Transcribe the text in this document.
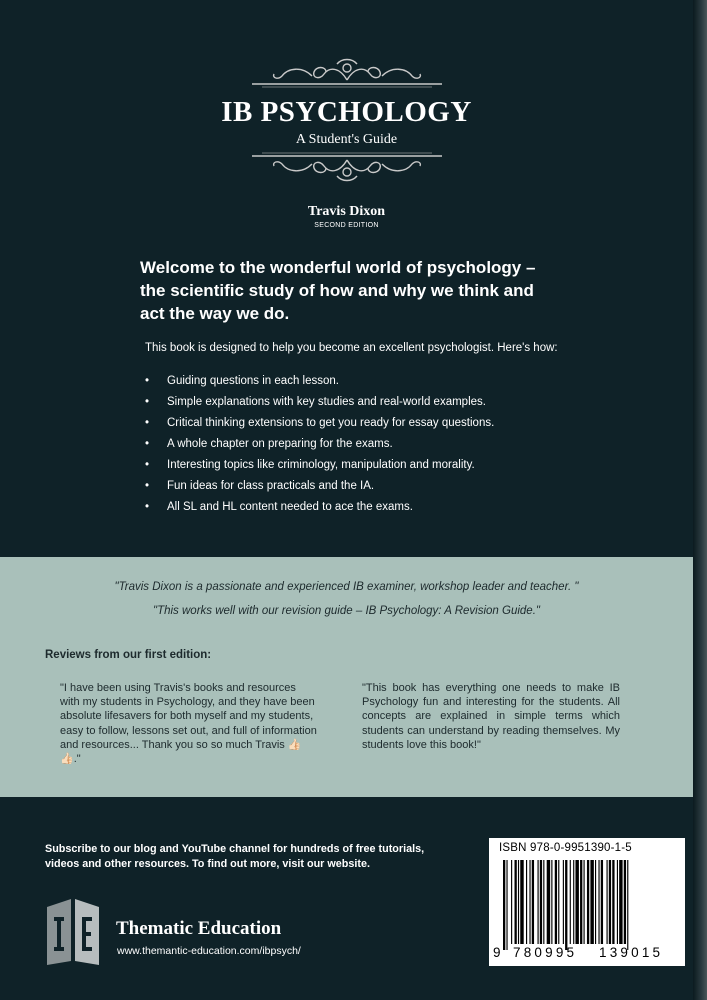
IB PSYCHOLOGY
A Student's Guide
Travis Dixon
SECOND EDITION
Welcome to the wonderful world of psychology – the scientific study of how and why we think and act the way we do.
This book is designed to help you become an excellent psychologist. Here's how:
• Guiding questions in each lesson.
• Simple explanations with key studies and real-world examples.
• Critical thinking extensions to get you ready for essay questions.
• A whole chapter on preparing for the exams.
• Interesting topics like criminology, manipulation and morality.
• Fun ideas for class practicals and the IA.
• All SL and HL content needed to ace the exams.
"Travis Dixon is a passionate and experienced IB examiner, workshop leader and teacher. "
"This works well with our revision guide – IB Psychology: A Revision Guide."
Reviews from our first edition:
"I have been using Travis's books and resources with my students in Psychology, and they have been absolute lifesavers for both myself and my students, easy to follow, lessons set out, and full of information and resources... Thank you so so much Travis 👍🏻👍🏻."
"This book has everything one needs to make IB Psychology fun and interesting for the students. All concepts are explained in simple terms which students can understand by reading themselves. My students love this book!"
Subscribe to our blog and YouTube channel for hundreds of free tutorials, videos and other resources. To find out more, visit our website.
Thematic Education
www.themantic-education.com/ibpsych/
ISBN 978-0-9951390-1-5
9 780995 139015
